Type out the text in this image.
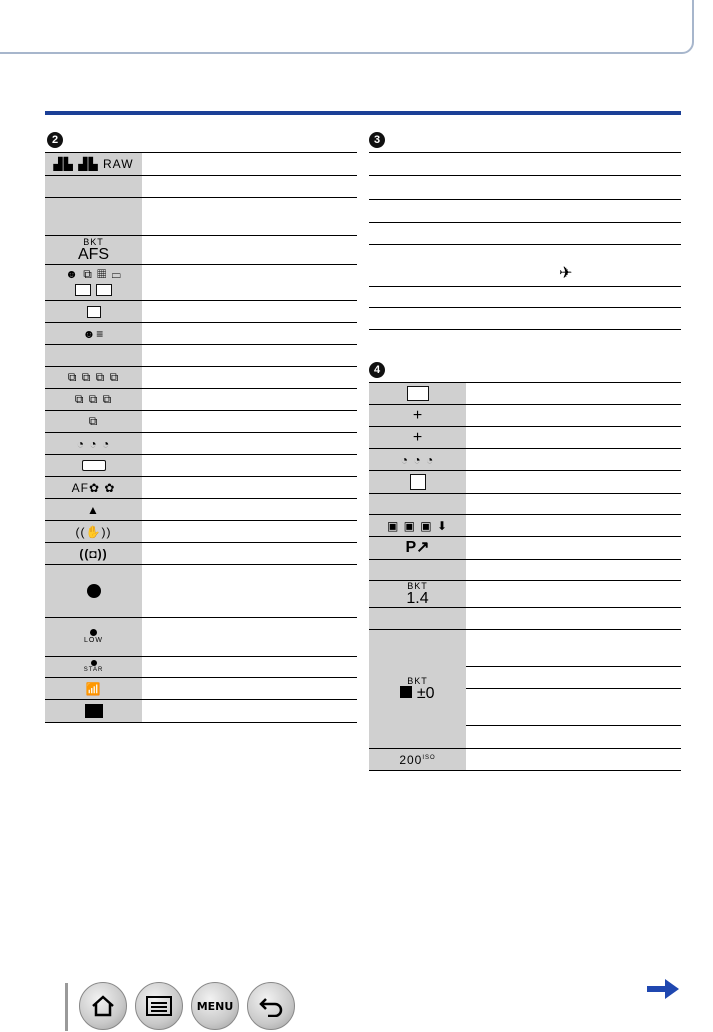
2
▟▙ ▟▙ RAW
BKT
AFS
☻ ⧉ ▦ ▭

☻≡
⧉ ⧉ ⧉ ⧉
⧉ ⧉ ⧉
⧉
◔ ◔ ◔
AF✿ ✿
▲
((✋))
((◘))
LOW
STAR
📶
3
✈
4
+
+
◔ ◔ ◔
▣ ▣ ▣ ⬇
P↗
BKT
1.4
BKT
±0
$200^{ISO}$
MENU
